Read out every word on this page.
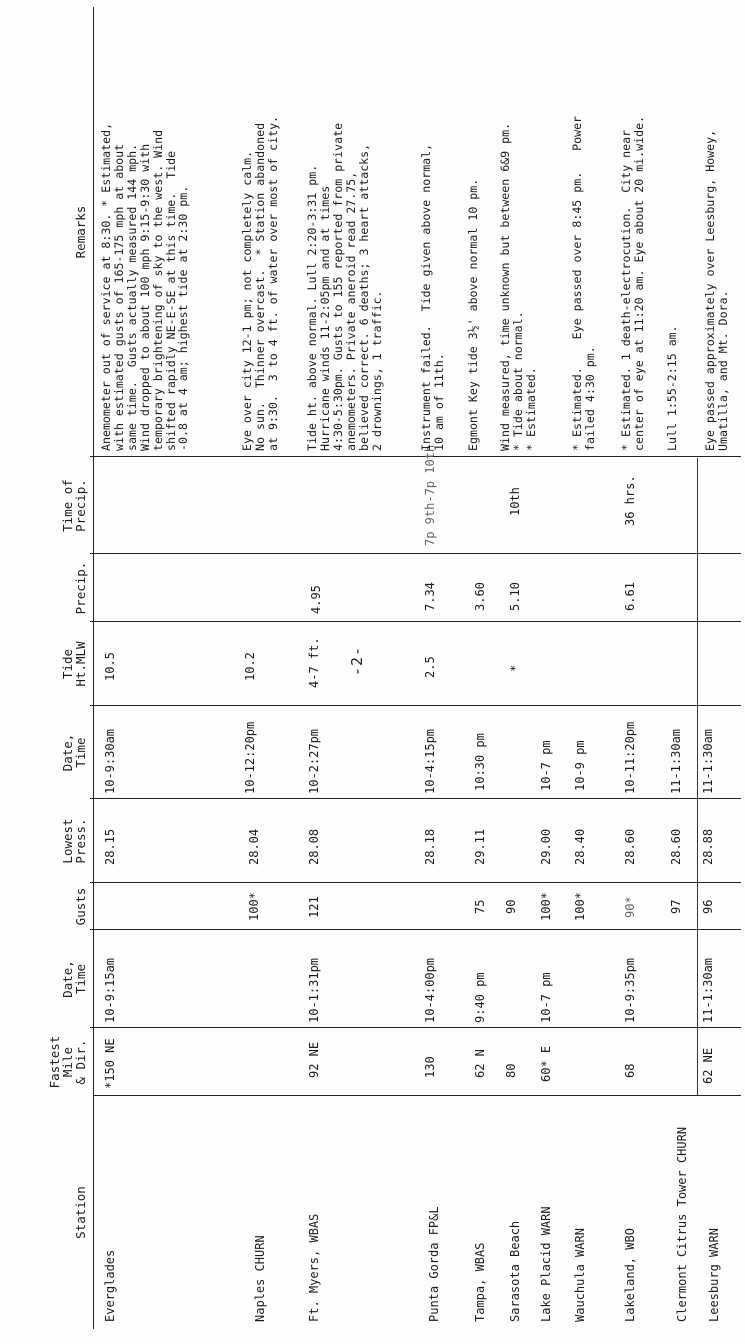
-2-
Station
Fastest
Mile
& Dir.
Date,
Time
Gusts
Lowest
Press.
Date,
Time
Tide
Ht.MLW
Precip.
Time of
Precip.
Remarks
Everglades
*150 NE
10-9:15am
28.15
10-9:30am
10.5
Anemometer out of service at 8:30. * Estimated,
with estimated gusts of 165-175 mph at about
same time.  Gusts actually measured 144 mph.
Wind dropped to about 100 mph 9:15-9:30 with
temporary brightening of sky to the west. Wind
shifted rapidly NE-E-SE at this time.  Tide
-0.8 at 4 am; highest tide at 2:30 pm.
Naples CHURN
100*
28.04
10-12:20pm
10.2
Eye over city 12-1 pm; not completely calm.
No sun.  Thinner overcast.  * Station abandoned
at 9:30.  3 to 4 ft. of water over most of city.
Ft. Myers, WBAS
92 NE
10-1:31pm
121
28.08
10-2:27pm
4-7 ft.
4.95
Tide ht. above normal. Lull 2:20-3:31 pm.
Hurricane winds 11-2:05pm and at times
4:30-5:30pm. Gusts to 155 reported from private
anemometers. Private aneroid read 27.75,
believed correct. 6 deaths; 3 heart attacks,
2 drownings, 1 traffic.
Punta Gorda FP&L
130
10-4:00pm
28.18
10-4:15pm
2.5
7.34
7p 9th-7p 10th
Instrument failed.  Tide given above normal,
10 am of 11th.
Tampa, WBAS
62 N
9:40 pm
75
29.11
10:30 pm
3.60
Egmont Key tide 3½' above normal 10 pm.
Sarasota Beach
80
90
*
5.10
10th
Wind measured, time unknown but between 6&9 pm.
* Tide about normal.
* Estimated.
Lake Placid WARN
60* E
10-7 pm
100*
29.00
10-7 pm
Wauchula WARN
100*
28.40
10-9 pm
* Estimated.    Eye passed over 8:45 pm.   Power
failed 4:30 pm.
Lakeland, WBO
68
10-9:35pm
90*
28.60
10-11:20pm
6.61
36 hrs.
* Estimated. 1 death-electrocution.  City near
center of eye at 11:20 am. Eye about 20 mi.wide.
Clermont Citrus Tower CHURN
97
28.60
11-1:30am
Lull 1:55-2:15 am.
Leesburg WARN
62 NE
11-1:30am
96
28.88
11-1:30am
Eye passed approximately over Leesburg, Howey,
Umatilla, and Mt. Dora.
